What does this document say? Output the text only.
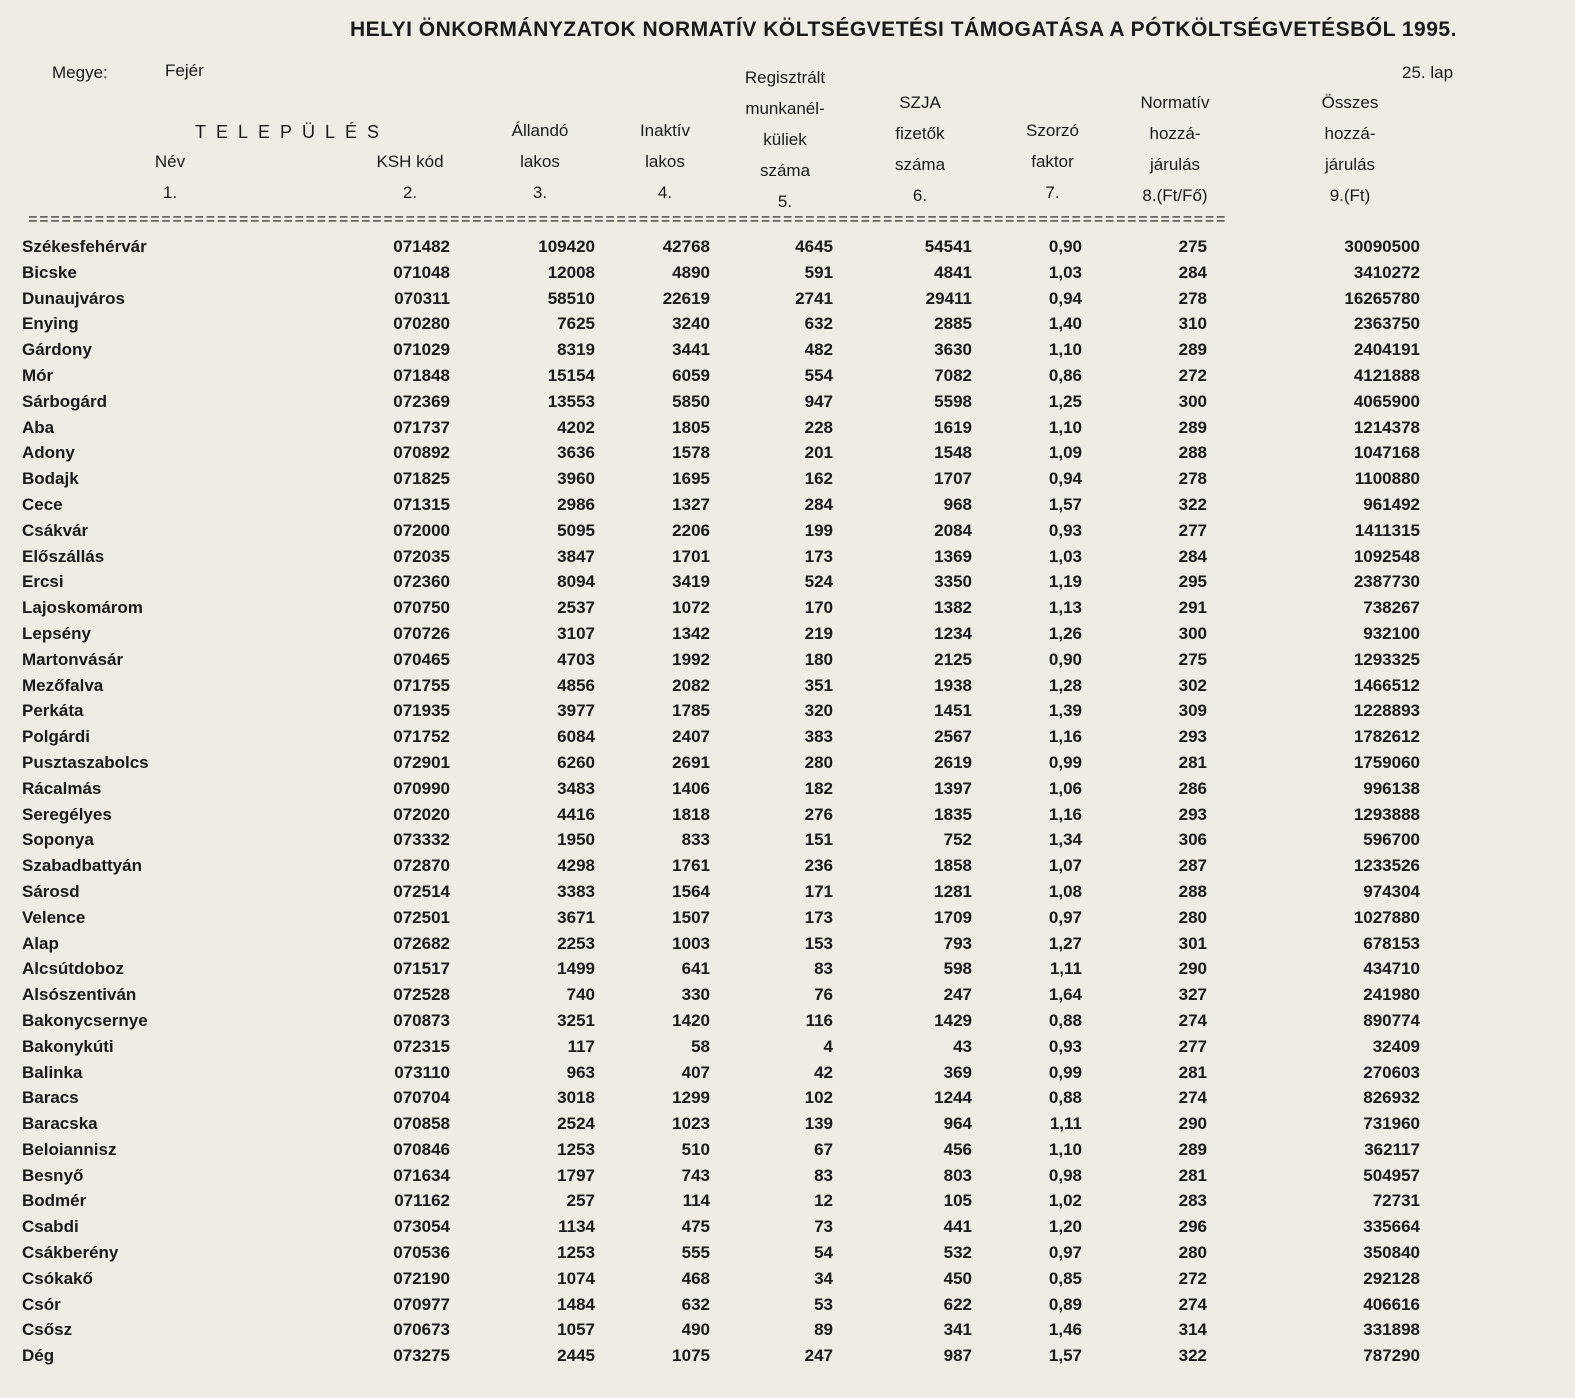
HELYI ÖNKORMÁNYZATOK NORMATÍV KÖLTSÉGVETÉSI TÁMOGATÁSA A PÓTKÖLTSÉGVETÉSBŐL 1995.
Megye:	Fejér	25. lap
TELEPÜLÉS
Név
1.
KSH kód
2.
Állandó
lakos
3.
Inaktív
lakos
4.
Regisztrált
munkanél-
küliek
száma
5.
SZJA
fizetők
száma
6.
Szorzó
faktor
7.
Normatív
hozzá-
járulás
8.(Ft/Fő)
Összes
hozzá-
járulás
9.(Ft)
============================================================================================================
Székesfehérvár	071482	109420	42768	4645	54541	0,90	275	30090500
Bicske	071048	12008	4890	591	4841	1,03	284	3410272
Dunaujváros	070311	58510	22619	2741	29411	0,94	278	16265780
Enying	070280	7625	3240	632	2885	1,40	310	2363750
Gárdony	071029	8319	3441	482	3630	1,10	289	2404191
Mór	071848	15154	6059	554	7082	0,86	272	4121888
Sárbogárd	072369	13553	5850	947	5598	1,25	300	4065900
Aba	071737	4202	1805	228	1619	1,10	289	1214378
Adony	070892	3636	1578	201	1548	1,09	288	1047168
Bodajk	071825	3960	1695	162	1707	0,94	278	1100880
Cece	071315	2986	1327	284	968	1,57	322	961492
Csákvár	072000	5095	2206	199	2084	0,93	277	1411315
Előszállás	072035	3847	1701	173	1369	1,03	284	1092548
Ercsi	072360	8094	3419	524	3350	1,19	295	2387730
Lajoskomárom	070750	2537	1072	170	1382	1,13	291	738267
Lepsény	070726	3107	1342	219	1234	1,26	300	932100
Martonvásár	070465	4703	1992	180	2125	0,90	275	1293325
Mezőfalva	071755	4856	2082	351	1938	1,28	302	1466512
Perkáta	071935	3977	1785	320	1451	1,39	309	1228893
Polgárdi	071752	6084	2407	383	2567	1,16	293	1782612
Pusztaszabolcs	072901	6260	2691	280	2619	0,99	281	1759060
Rácalmás	070990	3483	1406	182	1397	1,06	286	996138
Seregélyes	072020	4416	1818	276	1835	1,16	293	1293888
Soponya	073332	1950	833	151	752	1,34	306	596700
Szabadbattyán	072870	4298	1761	236	1858	1,07	287	1233526
Sárosd	072514	3383	1564	171	1281	1,08	288	974304
Velence	072501	3671	1507	173	1709	0,97	280	1027880
Alap	072682	2253	1003	153	793	1,27	301	678153
Alcsútdoboz	071517	1499	641	83	598	1,11	290	434710
Alsószentiván	072528	740	330	76	247	1,64	327	241980
Bakonycsernye	070873	3251	1420	116	1429	0,88	274	890774
Bakonykúti	072315	117	58	4	43	0,93	277	32409
Balinka	073110	963	407	42	369	0,99	281	270603
Baracs	070704	3018	1299	102	1244	0,88	274	826932
Baracska	070858	2524	1023	139	964	1,11	290	731960
Beloiannisz	070846	1253	510	67	456	1,10	289	362117
Besnyő	071634	1797	743	83	803	0,98	281	504957
Bodmér	071162	257	114	12	105	1,02	283	72731
Csabdi	073054	1134	475	73	441	1,20	296	335664
Csákberény	070536	1253	555	54	532	0,97	280	350840
Csókakő	072190	1074	468	34	450	0,85	272	292128
Csór	070977	1484	632	53	622	0,89	274	406616
Csősz	070673	1057	490	89	341	1,46	314	331898
Dég	073275	2445	1075	247	987	1,57	322	787290
